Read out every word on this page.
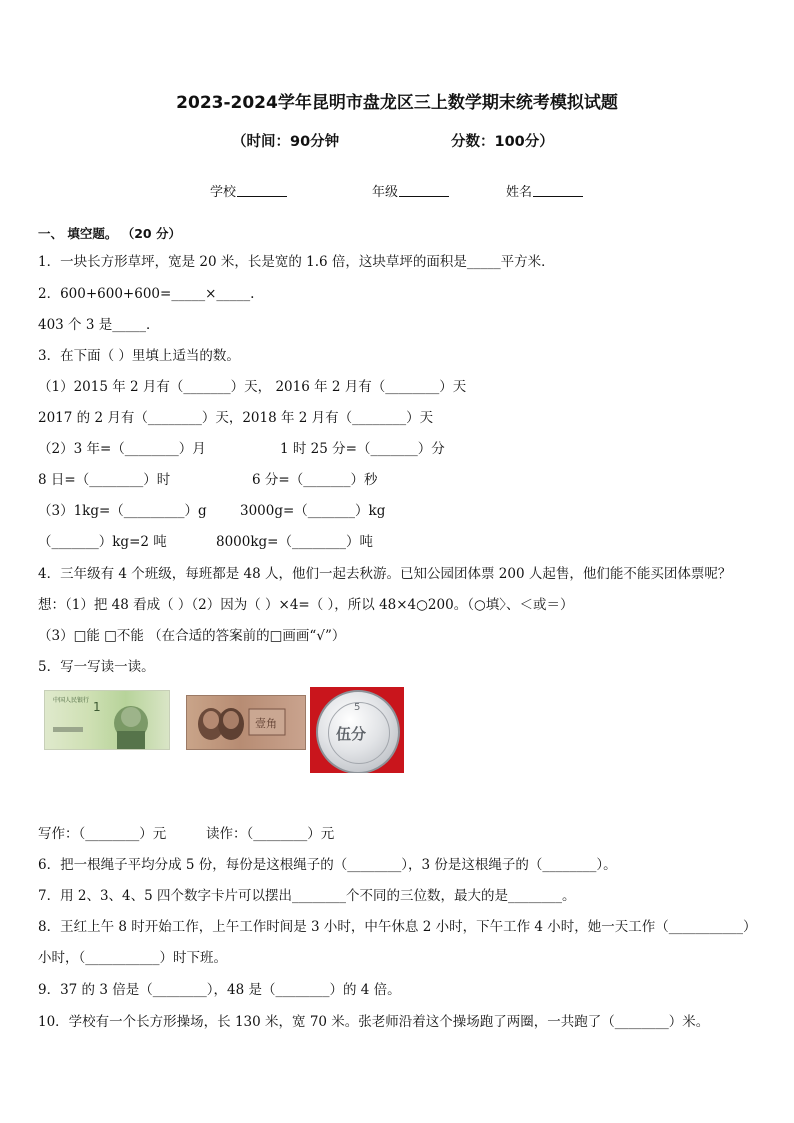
2023-2024学年昆明市盘龙区三上数学期末统考模拟试题
（时间：90分钟	分数：100分）
学校	年级	姓名
一、 填空题。 （20 分）
1．一块长方形草坪，宽是 20 米，长是宽的 1.6 倍，这块草坪的面积是_____平方米．
2．600+600+600=_____×_____.
403 个 3 是_____．
3．在下面（ ）里填上适当的数。
（1）2015 年 2 月有（_______）天， 2016 年 2 月有（________）天
2017 的 2 月有（________）天，2018 年 2 月有（________）天
（2）3 年=（________）月	1 时 25 分=（_______）分
8 日=（________）时	6 分=（_______）秒
（3）1kg=（_________）g 3000g=（_______）kg
（_______）kg=2 吨	8000kg=（________）吨
4．三年级有 4 个班级，每班都是 48 人，他们一起去秋游。已知公园团体票 200 人起售，他们能不能买团体票呢？
想：（1）把 48 看成（ ）（2）因为（ ）×4=（ ），所以 48×4○200。（○填〉、＜或＝）
（3）□能 □不能 （在合适的答案前的□画画“√”）
5．写一写读一读。
1
中国人民银行
壹角
5
伍分
写作：（________）元	读作：（________）元
6．把一根绳子平均分成 5 份，每份是这根绳子的（________），3 份是这根绳子的（________）。
7．用 2、3、4、5 四个数字卡片可以摆出________个不同的三位数，最大的是________。
8．王红上午 8 时开始工作，上午工作时间是 3 小时，中午休息 2 小时，下午工作 4 小时，她一天工作（___________）
小时，（___________）时下班。
9．37 的 3 倍是（________），48 是（________）的 4 倍。
10．学校有一个长方形操场，长 130 米，宽 70 米。张老师沿着这个操场跑了两圈，一共跑了（________）米。
